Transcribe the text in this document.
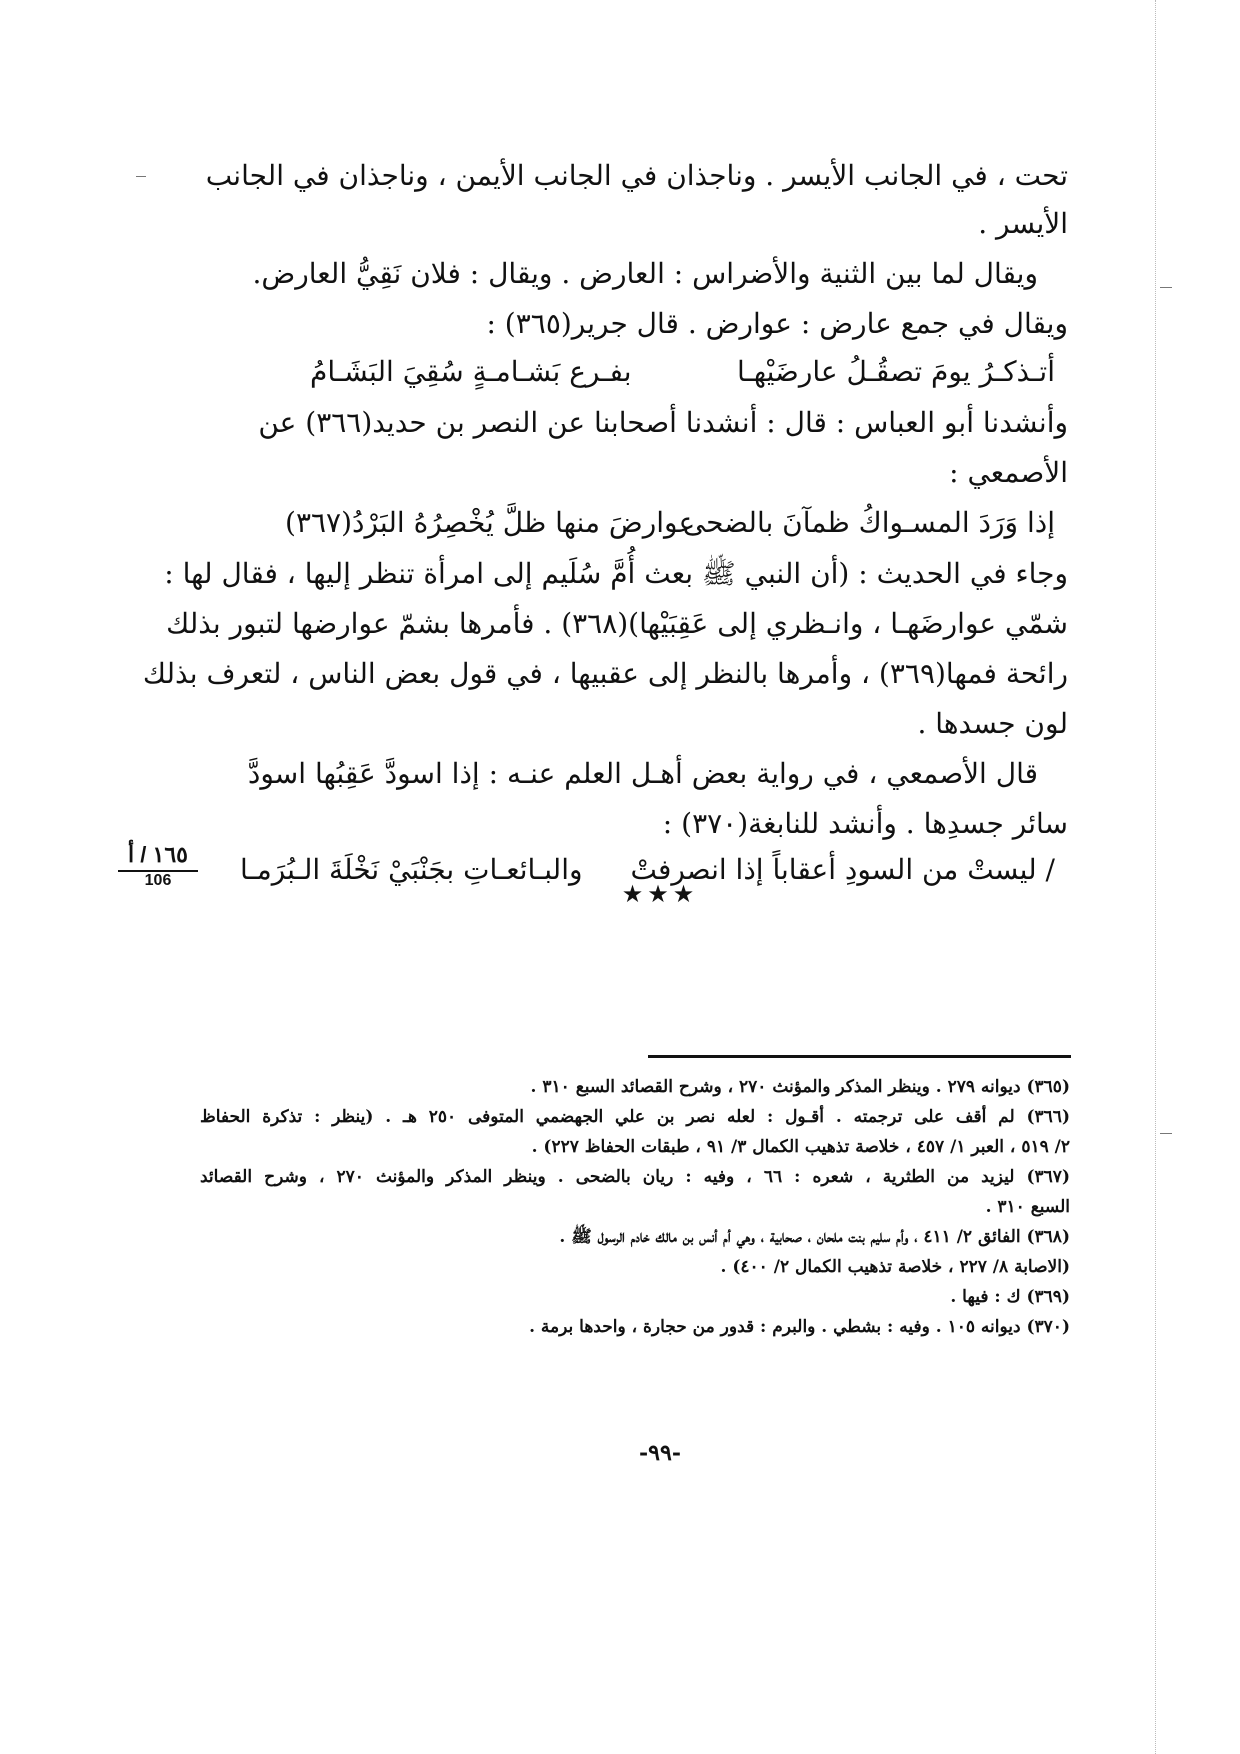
تحت ، في الجانب الأيسر . وناجذان في الجانب الأيمن ، وناجذان في الجانب
الأيسر .
ويقال لما بين الثنية والأضراس : العارض . ويقال : فلان نَقِيُّ العارض.
ويقال في جمع عارض : عوارض . قال جرير(٣٦٥) :
أتـذكـرُ يومَ تصقُـلُ عارضَيْهـا
بفـرع بَشـامـةٍ سُقِيَ البَشَـامُ
وأنشدنا أبو العباس : قال : أنشدنا أصحابنا عن النصر بن حديد(٣٦٦) عن
الأصمعي :
إذا وَرَدَ المسـواكُ ظمآنَ بالضحى
عوارضَ منها ظلَّ يُخْصِرُهُ البَرْدُ(٣٦٧)
وجاء في الحديث : (أن النبي ﷺ بعث أُمَّ سُلَيم إلى امرأة تنظر إليها ، فقال لها :
شمّي عوارضَهـا ، وانـظري إلى عَقِبَيْها)(٣٦٨) . فأمرها بشمّ عوارضها لتبور بذلك
رائحة فمها(٣٦٩) ، وأمرها بالنظر إلى عقبيها ، في قول بعض الناس ، لتعرف بذلك
لون جسدها .
قال الأصمعي ، في رواية بعض أهـل العلم عنـه : إذا اسودَّ عَقِبُها اسودَّ
سائر جسدِها . وأنشد للنابغة(٣٧٠) :
/ ليستْ من السودِ أعقاباً إذا انصرفتْ
والبـائعـاتِ بجَنْبَيْ نَخْلَةَ الـبُرَمـا
١٦٥ / أ
106	★★★
(٣٦٥) ديوانه ٢٧٩ . وينظر المذكر والمؤنث ٢٧٠ ، وشرح القصائد السبع ٣١٠ .
(٣٦٦) لم أقف على ترجمته . أقـول : لعله نصر بن علي الجهضمي المتوفى ٢٥٠ هـ . (ينظر : تذكرة الحفاظ
٢/ ٥١٩ ، العبر ١/ ٤٥٧ ، خلاصة تذهيب الكمال ٣/ ٩١ ، طبقات الحفاظ ٢٢٧) .
(٣٦٧) ليزيد من الطثرية ، شعره : ٦٦ ، وفيه : ريان بالضحى . وينظر المذكر والمؤنث ٢٧٠ ، وشرح القصائد
السبع ٣١٠ .
(٣٦٨) الفائق ٢/ ٤١١ ، وأم سليم بنت ملحان ، صحابية ، وهي أم أنس بن مالك خادم الرسول ﷺ .
(الاصابة ٨/ ٢٢٧ ، خلاصة تذهيب الكمال ٢/ ٤٠٠) .
(٣٦٩) ك : فيها .
(٣٧٠) ديوانه ١٠٥ . وفيه : بشطي . والبرم : قدور من حجارة ، واحدها برمة .
-٩٩-
